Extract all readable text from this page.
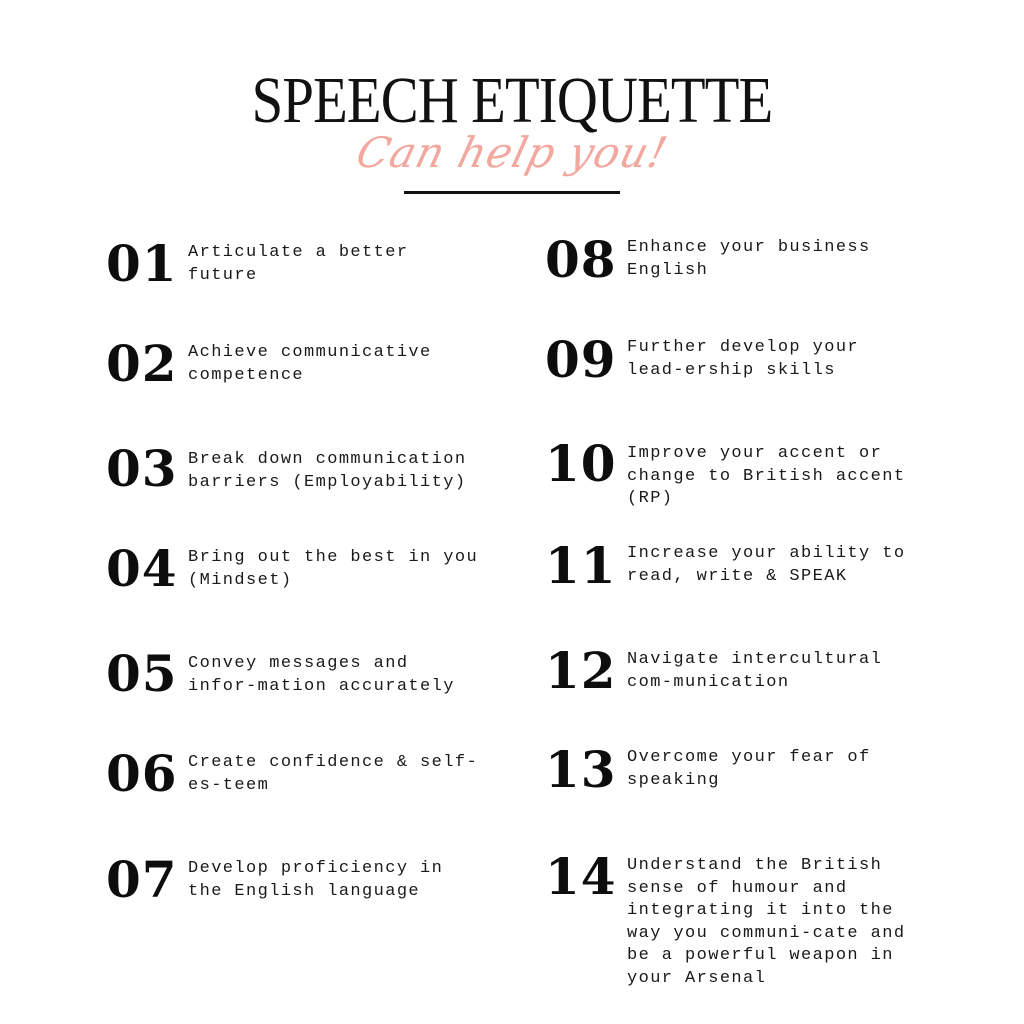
SPEECH ETIQUETTE
Can help you!
01 Articulate a better future
02 Achieve communicative competence
03 Break down communication barriers (Employability)
04 Bring out the best in you (Mindset)
05 Convey messages and infor-mation accurately
06 Create confidence & self-es-teem
07 Develop proficiency in the English language
08 Enhance your business English
09 Further develop your lead-ership skills
10 Improve your accent or change to British accent (RP)
11 Increase your ability to read, write & SPEAK
12 Navigate intercultural com-munication
13 Overcome your fear of speaking
14 Understand the British sense of humour and integrating it into the way you communi-cate and be a powerful weapon in your Arsenal
